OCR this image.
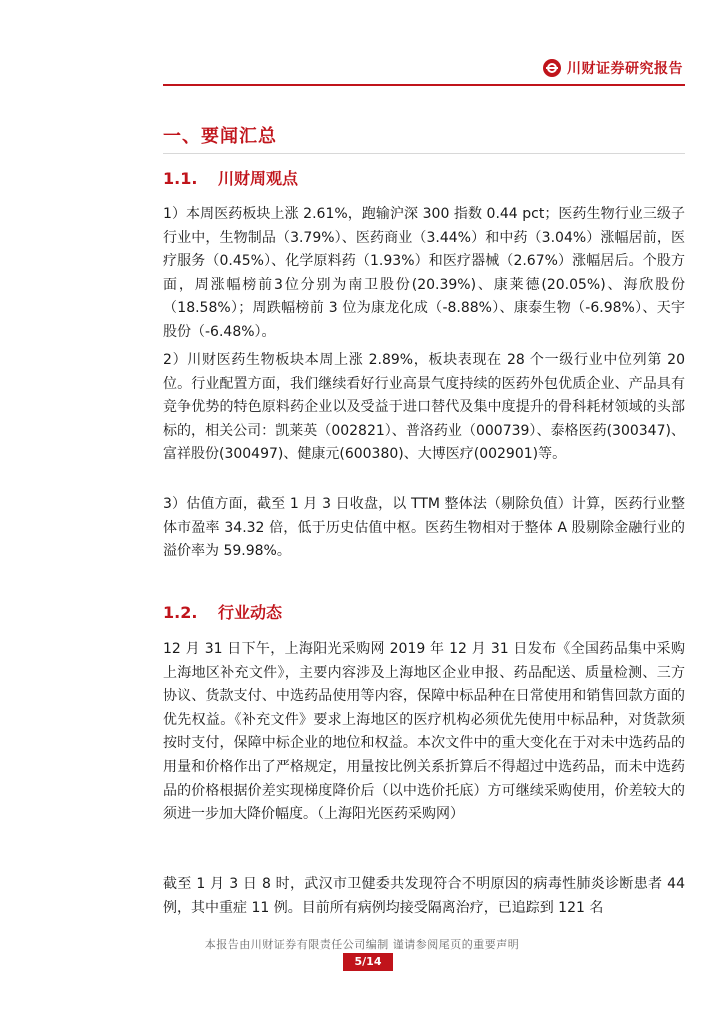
川财证券研究报告
一、要闻汇总
1.1. 川财周观点
1）本周医药板块上涨 2.61%，跑输沪深 300 指数 0.44 pct；医药生物行业三级子行业中，生物制品（3.79%）、医药商业（3.44%）和中药（3.04%）涨幅居前，医疗服务（0.45%）、化学原料药（1.93%）和医疗器械（2.67%）涨幅居后。个股方面，周涨幅榜前3位分别为南卫股份(20.39%)、康莱德(20.05%)、海欣股份（18.58%）；周跌幅榜前 3 位为康龙化成（-8.88%）、康泰生物（-6.98%）、天宇股份（-6.48%）。
2）川财医药生物板块本周上涨 2.89%，板块表现在 28 个一级行业中位列第 20 位。行业配置方面，我们继续看好行业高景气度持续的医药外包优质企业、产品具有竞争优势的特色原料药企业以及受益于进口替代及集中度提升的骨科耗材领域的头部标的，相关公司：凯莱英（002821）、普洛药业（000739）、泰格医药(300347)、富祥股份(300497)、健康元(600380)、大博医疗(002901)等。
3）估值方面，截至 1 月 3 日收盘，以 TTM 整体法（剔除负值）计算，医药行业整体市盈率 34.32 倍，低于历史估值中枢。医药生物相对于整体 A 股剔除金融行业的溢价率为 59.98%。
1.2. 行业动态
12 月 31 日下午，上海阳光采购网 2019 年 12 月 31 日发布《全国药品集中采购上海地区补充文件》，主要内容涉及上海地区企业申报、药品配送、质量检测、三方协议、货款支付、中选药品使用等内容，保障中标品种在日常使用和销售回款方面的优先权益。《补充文件》要求上海地区的医疗机构必须优先使用中标品种，对货款须按时支付，保障中标企业的地位和权益。本次文件中的重大变化在于对未中选药品的用量和价格作出了严格规定，用量按比例关系折算后不得超过中选药品，而未中选药品的价格根据价差实现梯度降价后（以中选价托底）方可继续采购使用，价差较大的须进一步加大降价幅度。（上海阳光医药采购网）
截至 1 月 3 日 8 时，武汉市卫健委共发现符合不明原因的病毒性肺炎诊断患者 44 例，其中重症 11 例。目前所有病例均接受隔离治疗，已追踪到 121 名
本报告由川财证券有限责任公司编制 谨请参阅尾页的重要声明
5/14
